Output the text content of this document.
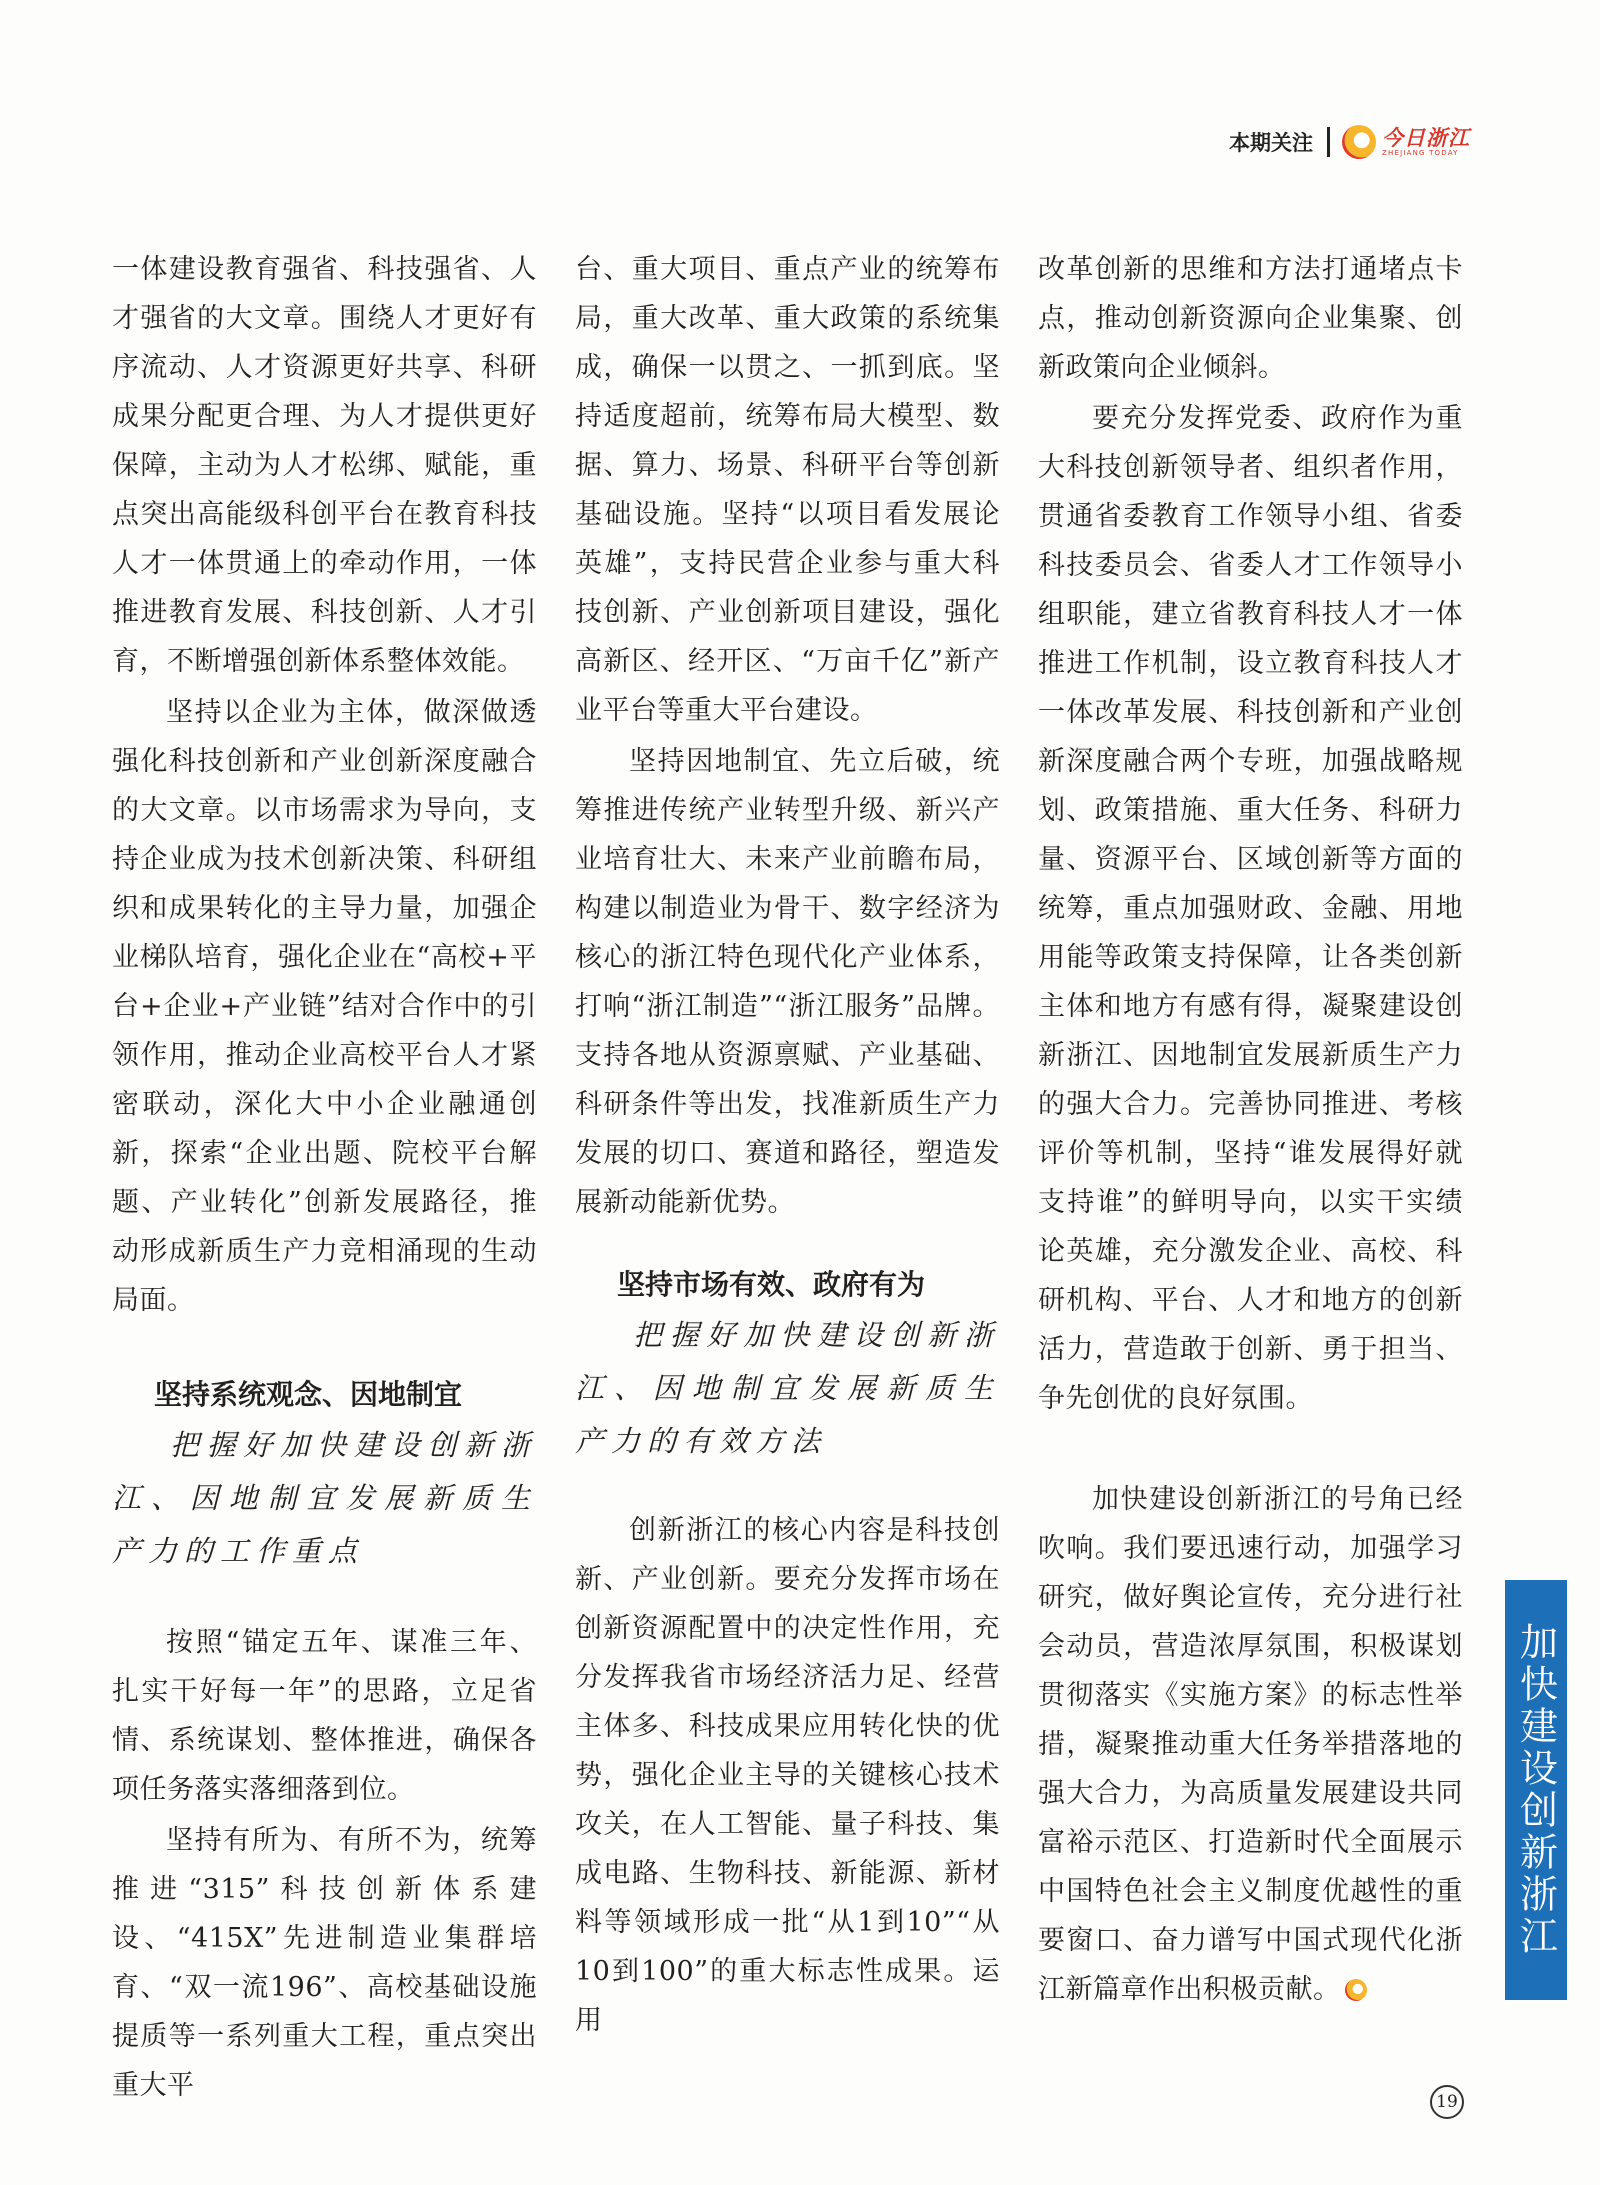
本期关注	今日浙江
ZHEJIANG TODAY

一体建设教育强省、科技强省、人才强省的大文章。围绕人才更好有序流动、人才资源更好共享、科研成果分配更合理、为人才提供更好保障，主动为人才松绑、赋能，重点突出高能级科创平台在教育科技人才一体贯通上的牵动作用，一体推进教育发展、科技创新、人才引育，不断增强创新体系整体效能。

坚持以企业为主体，做深做透强化科技创新和产业创新深度融合的大文章。以市场需求为导向，支持企业成为技术创新决策、科研组织和成果转化的主导力量，加强企业梯队培育，强化企业在“高校+平台+企业+产业链”结对合作中的引领作用，推动企业高校平台人才紧密联动，深化大中小企业融通创新，探索“企业出题、院校平台解题、产业转化”创新发展路径，推动形成新质生产力竞相涌现的生动局面。

坚持系统观念、因地制宜

把握好加快建设创新浙江、因地制宜发展新质生产力的工作重点

按照“锚定五年、谋准三年、扎实干好每一年”的思路，立足省情、系统谋划、整体推进，确保各项任务落实落细落到位。

坚持有所为、有所不为，统筹推进“315”科技创新体系建设、“415X”先进制造业集群培育、“双一流196”、高校基础设施提质等一系列重大工程，重点突出重大平

台、重大项目、重点产业的统筹布局，重大改革、重大政策的系统集成，确保一以贯之、一抓到底。坚持适度超前，统筹布局大模型、数据、算力、场景、科研平台等创新基础设施。坚持“以项目看发展论英雄”，支持民营企业参与重大科技创新、产业创新项目建设，强化高新区、经开区、“万亩千亿”新产业平台等重大平台建设。

坚持因地制宜、先立后破，统筹推进传统产业转型升级、新兴产业培育壮大、未来产业前瞻布局，构建以制造业为骨干、数字经济为核心的浙江特色现代化产业体系，打响“浙江制造”“浙江服务”品牌。支持各地从资源禀赋、产业基础、科研条件等出发，找准新质生产力发展的切口、赛道和路径，塑造发展新动能新优势。

坚持市场有效、政府有为

把握好加快建设创新浙江、因地制宜发展新质生产力的有效方法

创新浙江的核心内容是科技创新、产业创新。要充分发挥市场在创新资源配置中的决定性作用，充分发挥我省市场经济活力足、经营主体多、科技成果应用转化快的优势，强化企业主导的关键核心技术攻关，在人工智能、量子科技、集成电路、生物科技、新能源、新材料等领域形成一批“从1到10”“从10到100”的重大标志性成果。运用

改革创新的思维和方法打通堵点卡点，推动创新资源向企业集聚、创新政策向企业倾斜。

要充分发挥党委、政府作为重大科技创新领导者、组织者作用，贯通省委教育工作领导小组、省委科技委员会、省委人才工作领导小组职能，建立省教育科技人才一体推进工作机制，设立教育科技人才一体改革发展、科技创新和产业创新深度融合两个专班，加强战略规划、政策措施、重大任务、科研力量、资源平台、区域创新等方面的统筹，重点加强财政、金融、用地用能等政策支持保障，让各类创新主体和地方有感有得，凝聚建设创新浙江、因地制宜发展新质生产力的强大合力。完善协同推进、考核评价等机制，坚持“谁发展得好就支持谁”的鲜明导向，以实干实绩论英雄，充分激发企业、高校、科研机构、平台、人才和地方的创新活力，营造敢于创新、勇于担当、争先创优的良好氛围。

加快建设创新浙江的号角已经吹响。我们要迅速行动，加强学习研究，做好舆论宣传，充分进行社会动员，营造浓厚氛围，积极谋划贯彻落实《实施方案》的标志性举措，凝聚推动重大任务举措落地的强大合力，为高质量发展建设共同富裕示范区、打造新时代全面展示中国特色社会主义制度优越性的重要窗口、奋力谱写中国式现代化浙江新篇章作出积极贡献。

加快建设创新浙江
19
